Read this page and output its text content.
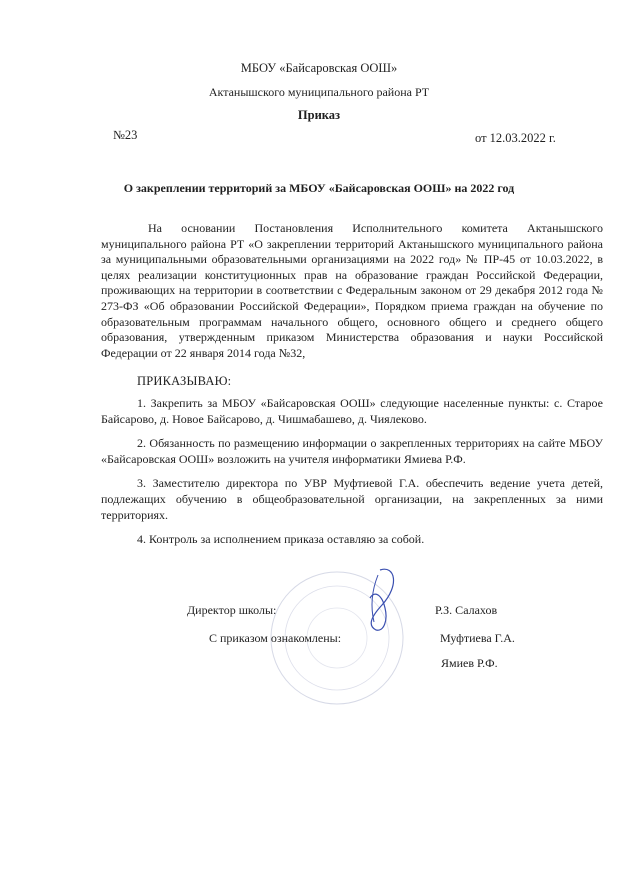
МБОУ «Байсаровская ООШ»
Актанышского муниципального района РТ
Приказ
№23	от 12.03.2022 г.
О закреплении территорий за МБОУ «Байсаровская ООШ» на 2022 год

На основании Постановления Исполнительного комитета Актанышского муниципального района РТ «О закреплении территорий Актанышского муниципального района за муниципальными образовательными организациями на 2022 год» № ПР-45 от 10.03.2022, в целях реализации конституционных прав на образование граждан Российской Федерации, проживающих на территории в соответствии с Федеральным законом от 29 декабря 2012 года № 273-ФЗ «Об образовании Российской Федерации», Порядком приема граждан на обучение по образовательным программам начального общего, основного общего и среднего общего образования, утвержденным приказом Министерства образования и науки Российской Федерации от 22 января 2014 года №32,

ПРИКАЗЫВАЮ:

1. Закрепить за МБОУ «Байсаровская ООШ» следующие населенные пункты: с. Старое Байсарово, д. Новое Байсарово, д. Чишмабашево, д. Чиялеково.

2. Обязанность по размещению информации о закрепленных территориях на сайте МБОУ «Байсаровская ООШ» возложить на учителя информатики Ямиева Р.Ф.

3. Заместителю директора по УВР Муфтиевой Г.А. обеспечить ведение учета детей, подлежащих обучению в общеобразовательной организации, на закрепленных за ними территориях.

4. Контроль за исполнением приказа оставляю за собой.

Директор школы:	Р.З. Салахов
С приказом ознакомлены:	Муфтиева Г.А.
Ямиев Р.Ф.
